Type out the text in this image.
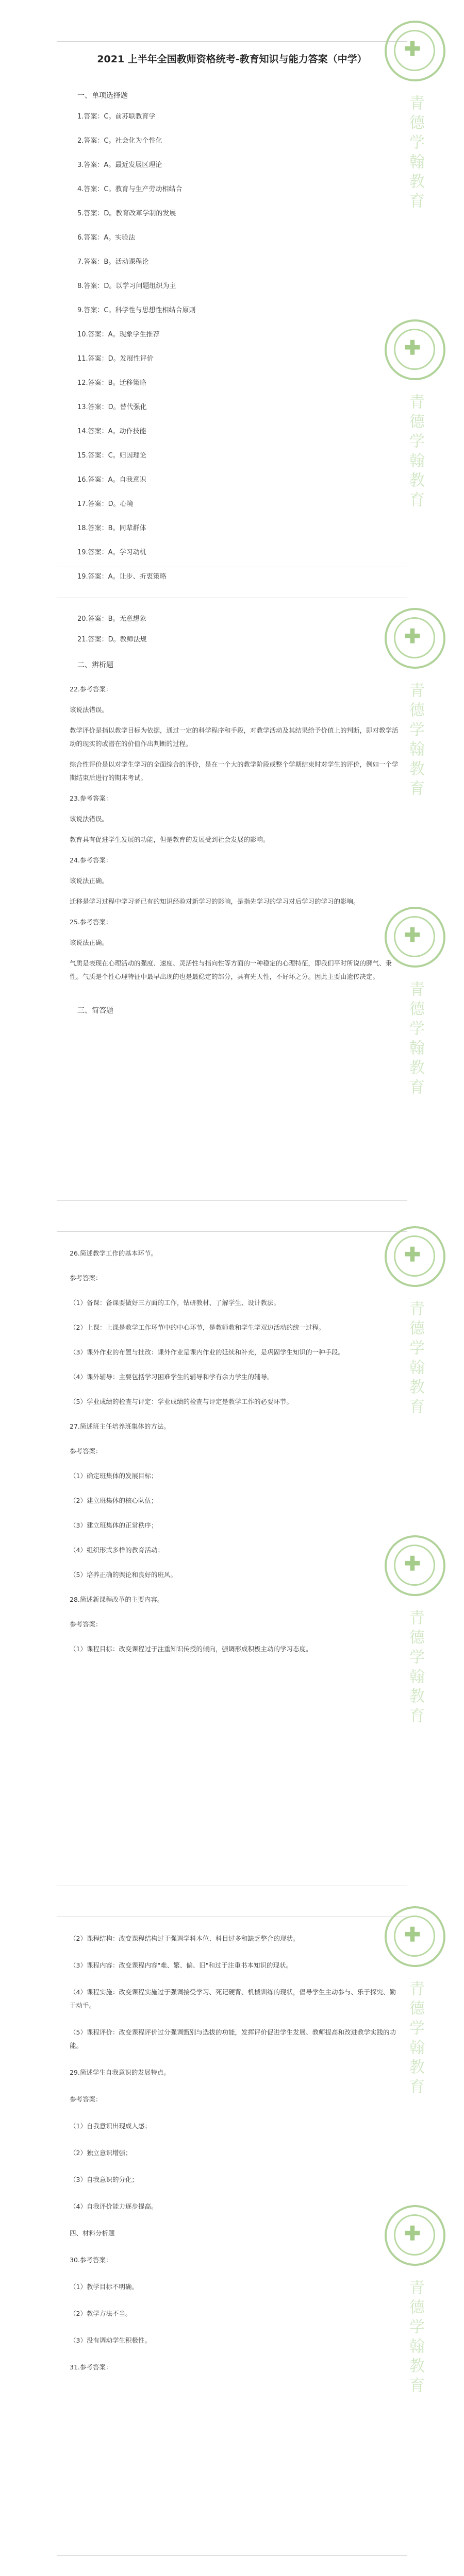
2021 上半年全国教师资格统考-教育知识与能力答案（中学）
一、单项选择题
1.答案：C。前苏联教育学
2.答案：C。社会化为个性化
3.答案：A。最近发展区理论
4.答案：C。教育与生产劳动相结合
5.答案：D。教育改革学制的发展
6.答案：A。实验法
7.答案：B。活动课程论
8.答案：D。以学习问题组织为主
9.答案：C。科学性与思想性相结合原则
10.答案：A。现象学生推荐
11.答案：D。发展性评价
12.答案：B。迁移策略
13.答案：D。替代强化
14.答案：A。动作技能
15.答案：C。归因理论
16.答案：A。自我意识
17.答案：D。心境
18.答案：B。同辈群体
19.答案：A。学习动机
19.答案：A。让步、折衷策略
20.答案：B。无意想象
21.答案：D。教师法规
二、辨析题
22.参考答案：
该说法错误。
教学评价是指以教学目标为依据，通过一定的科学程序和手段，对教学活动及其结果给予价值上的判断，即对教学活动的现实的或潜在的价值作出判断的过程。
综合性评价是以对学生学习的全面综合的评价，是在一个大的教学阶段或整个学期结束时对学生的评价，例如一个学期结束后进行的期末考试。
23.参考答案：
该说法错误。
教育具有促进学生发展的功能，但是教育的发展受到社会发展的影响。
24.参考答案：
该说法正确。
迁移是学习过程中学习者已有的知识经验对新学习的影响，是指先学习的学习对后学习的学习的影响。
25.参考答案：
该说法正确。
气质是表现在心理活动的强度、速度、灵活性与指向性等方面的一种稳定的心理特征，即我们平时所说的脾气、秉性。气质是个性心理特征中最早出现的也是最稳定的部分，具有先天性，不好坏之分。因此主要由遗传决定。
三、简答题
26.简述教学工作的基本环节。
参考答案：
（1）备课：备课要做好三方面的工作，钻研教材、了解学生、设计教法。
（2）上课：上课是教学工作环节中的中心环节，是教师教和学生学双边活动的统一过程。
（3）课外作业的布置与批改：课外作业是课内作业的延续和补充，是巩固学生知识的一种手段。
（4）课外辅导：主要包括学习困难学生的辅导和学有余力学生的辅导。
（5）学业成绩的检查与评定：学业成绩的检查与评定是教学工作的必要环节。
27.简述班主任培养班集体的方法。
参考答案：
（1）确定班集体的发展目标；
（2）建立班集体的核心队伍；
（3）建立班集体的正常秩序；
（4）组织形式多样的教育活动；
（5）培养正确的舆论和良好的班风。
28.简述新课程改革的主要内容。
参考答案：
（1）课程目标：改变课程过于注重知识传授的倾向，强调形成积极主动的学习态度。
（2）课程结构：改变课程结构过于强调学科本位、科目过多和缺乏整合的现状。
（3）课程内容：改变课程内容"难、繁、偏、旧"和过于注重书本知识的现状。
（4）课程实施：改变课程实施过于强调接受学习、死记硬背、机械训练的现状，倡导学生主动参与、乐于探究、勤于动手。
（5）课程评价：改变课程评价过分强调甄别与选拔的功能，发挥评价促进学生发展、教师提高和改进教学实践的功能。
29.简述学生自我意识的发展特点。
参考答案：
（1）自我意识出现成人感；
（2）独立意识增强；
（3）自我意识的分化；
（4）自我评价能力逐步提高。
四、材料分析题
30.参考答案：
（1）教学目标不明确。
（2）教学方法不当。
（3）没有调动学生积极性。
31.参考答案：
✚
青德学翰教育
✚
青德学翰教育
✚
青德学翰教育
✚
青德学翰教育
✚
青德学翰教育
✚
青德学翰教育
✚
青德学翰教育
✚
青德学翰教育
